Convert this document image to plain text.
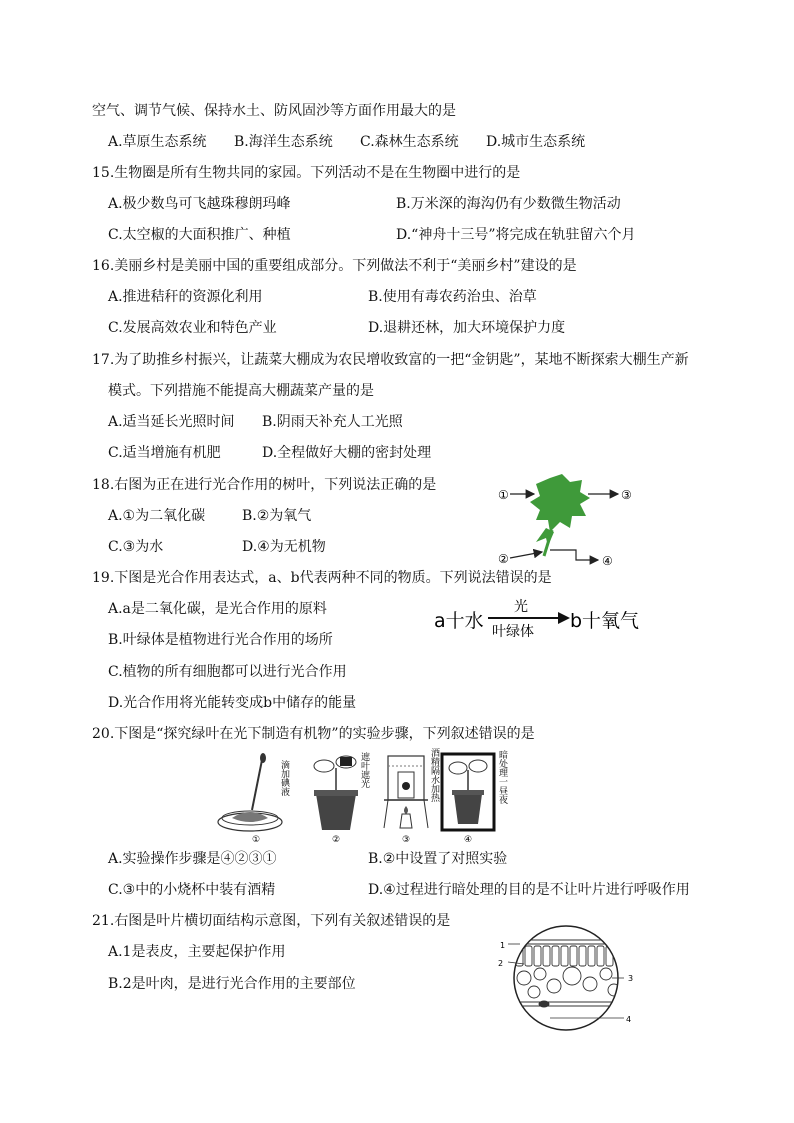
空气、调节气候、保持水土、防风固沙等方面作用最大的是
A.草原生态系统 B.海洋生态系统 C.森林生态系统 D.城市生态系统
15.生物圈是所有生物共同的家园。下列活动不是在生物圈中进行的是
A.极少数鸟可飞越珠穆朗玛峰	B.万米深的海沟仍有少数微生物活动
C.太空椒的大面积推广、种植	D.“神舟十三号”将完成在轨驻留六个月
16.美丽乡村是美丽中国的重要组成部分。下列做法不利于“美丽乡村”建设的是
A.推进秸秆的资源化利用	B.使用有毒农药治虫、治草
C.发展高效农业和特色产业	D.退耕还林，加大环境保护力度
17.为了助推乡村振兴，让蔬菜大棚成为农民增收致富的一把“金钥匙”，某地不断探索大棚生产新
模式。下列措施不能提高大棚蔬菜产量的是
A.适当延长光照时间 B.阴雨天补充人工光照
C.适当增施有机肥	D.全程做好大棚的密封处理
18.右图为正在进行光合作用的树叶，下列说法正确的是
A.①为二氧化碳	B.②为氧气
C.③为水	D.④为无机物
①	③
②	④
19.下图是光合作用表达式，a、b代表两种不同的物质。下列说法错误的是
A.a是二氧化碳，是光合作用的原料
B.叶绿体是植物进行光合作用的场所
C.植物的所有细胞都可以进行光合作用
D.光合作用将光能转变成b中储存的能量
a十水
光
叶绿体 b十氧气
20.下图是“探究绿叶在光下制造有机物”的实验步骤，下列叙述错误的是
滴加碘液
①
遮叶遮光
②
酒精隔水加热
③
暗处理一昼夜
④
A.实验操作步骤是④②③①	B.②中设置了对照实验
C.③中的小烧杯中装有酒精	D.④过程进行暗处理的目的是不让叶片进行呼吸作用
21.右图是叶片横切面结构示意图，下列有关叙述错误的是
A.1是表皮，主要起保护作用
B.2是叶肉，是进行光合作用的主要部位
1
2
3
4
